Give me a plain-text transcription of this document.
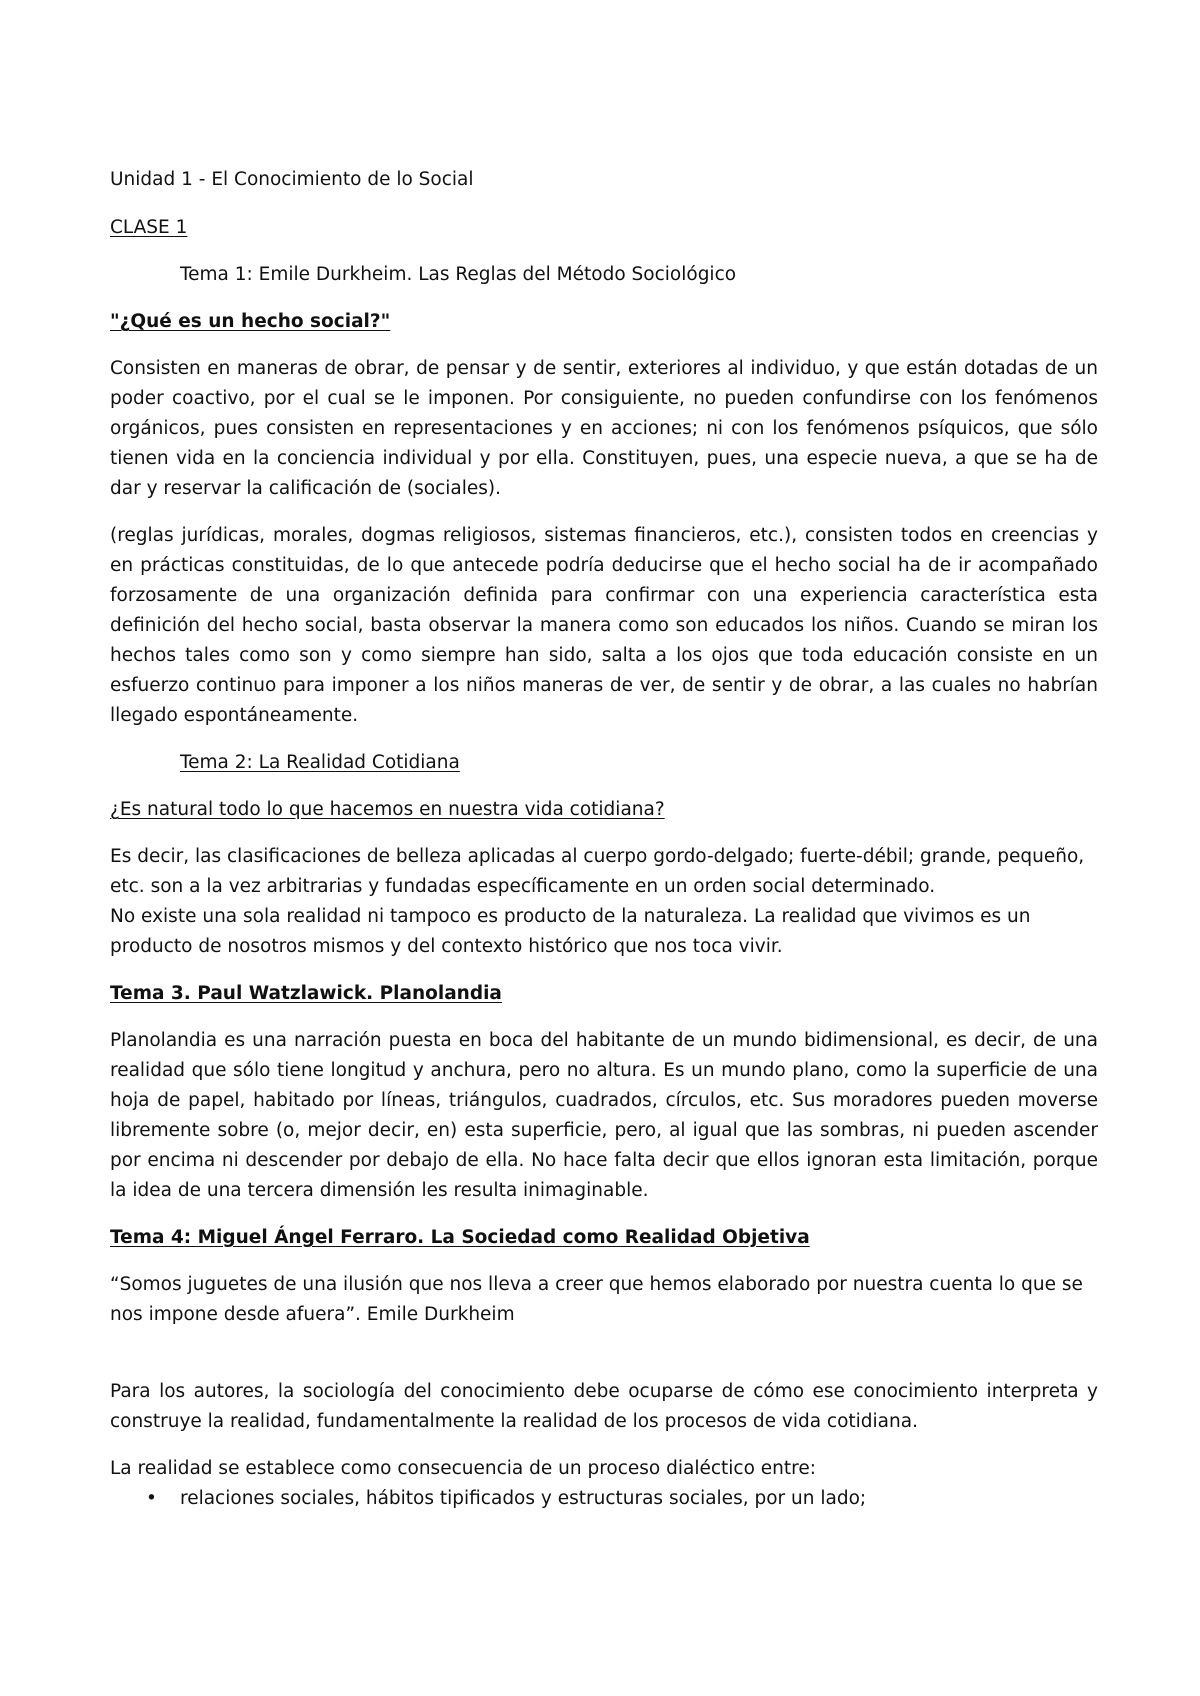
Unidad 1 - El Conocimiento de lo Social

CLASE 1

Tema 1: Emile Durkheim. Las Reglas del Método Sociológico

"¿Qué es un hecho social?"

Consisten en maneras de obrar, de pensar y de sentir, exteriores al individuo, y que están dotadas de un poder coactivo, por el cual se le imponen. Por consiguiente, no pueden confundirse con los fenómenos orgánicos, pues consisten en representaciones y en acciones; ni con los fenómenos psíquicos, que sólo tienen vida en la conciencia individual y por ella. Constituyen, pues, una especie nueva, a que se ha de dar y reservar la calificación de (sociales).

(reglas jurídicas, morales, dogmas religiosos, sistemas financieros, etc.), consisten todos en creencias y en prácticas constituidas, de lo que antecede podría deducirse que el hecho social ha de ir acompañado forzosamente de una organización definida para confirmar con una experiencia característica esta definición del hecho social, basta observar la manera como son educados los niños. Cuando se miran los hechos tales como son y como siempre han sido, salta a los ojos que toda educación consiste en un esfuerzo continuo para imponer a los niños maneras de ver, de sentir y de obrar, a las cuales no habrían llegado espontáneamente.

Tema 2: La Realidad Cotidiana

¿Es natural todo lo que hacemos en nuestra vida cotidiana?

Es decir, las clasificaciones de belleza aplicadas al cuerpo gordo-delgado; fuerte-débil; grande, pequeño, etc. son a la vez arbitrarias y fundadas específicamente en un orden social determinado.

No existe una sola realidad ni tampoco es producto de la naturaleza. La realidad que vivimos es un producto de nosotros mismos y del contexto histórico que nos toca vivir.

Tema 3. Paul Watzlawick. Planolandia

Planolandia es una narración puesta en boca del habitante de un mundo bidimensional, es decir, de una realidad que sólo tiene longitud y anchura, pero no altura. Es un mundo plano, como la superficie de una hoja de papel, habitado por líneas, triángulos, cuadrados, círculos, etc. Sus moradores pueden moverse libremente sobre (o, mejor decir, en) esta superficie, pero, al igual que las sombras, ni pueden ascender por encima ni descender por debajo de ella. No hace falta decir que ellos ignoran esta limitación, porque la idea de una tercera dimensión les resulta inimaginable.

Tema 4: Miguel Ángel Ferraro. La Sociedad como Realidad Objetiva

“Somos juguetes de una ilusión que nos lleva a creer que hemos elaborado por nuestra cuenta lo que se nos impone desde afuera”. Emile Durkheim

Para los autores, la sociología del conocimiento debe ocuparse de cómo ese conocimiento interpreta y construye la realidad, fundamentalmente la realidad de los procesos de vida cotidiana.

La realidad se establece como consecuencia de un proceso dialéctico entre:

• relaciones sociales, hábitos tipificados y estructuras sociales, por un lado;
